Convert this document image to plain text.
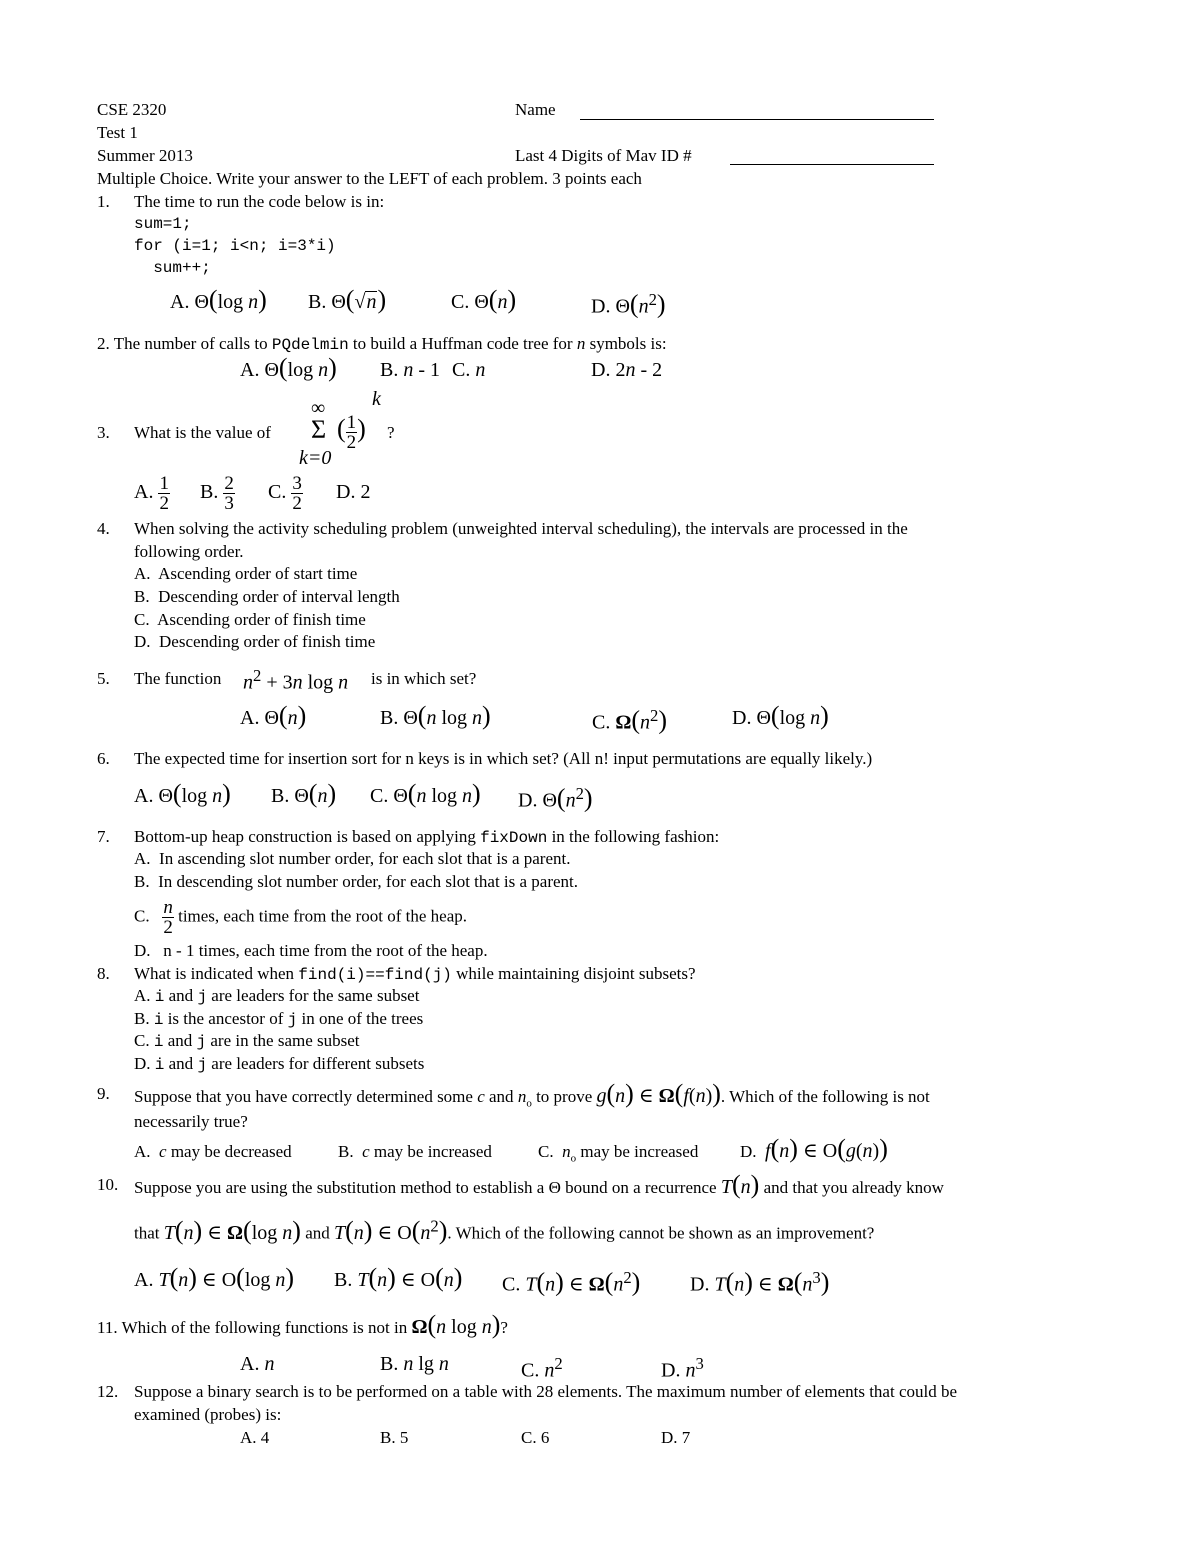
CSE 2320
Test 1
Summer 2013
Name
Last 4 Digits of Mav ID #
Multiple Choice. Write your answer to the LEFT of each problem. 3 points each
1. The time to run the code below is in:
sum=1;
for (i=1; i<n; i=3*i)
sum++;
A. Θ(log n) B. Θ(√n)	C. Θ(n)	D. $\Theta(n^2)$
2. The number of calls to PQdelmin to build a Huffman code tree for n symbols is:
A. Θ(log n) B. n - 1 C. n	D. 2n - 2
3. What is the value of
∞
Σ
k=0
( $\frac{1}{2}$ )
k
?
A. $\frac{1}{2} B$. $\frac{2}{3} C$. $\frac{3}{2} D$. 2
4. When solving the activity scheduling problem (unweighted interval scheduling), the intervals are processed in the
following order.
A.  Ascending order of start time
B.  Descending order of interval length
C.  Ascending order of finish time
D.  Descending order of finish time
5. The function $n^2 + 3n$ log n is in which set?
A. Θ(n)	B. Θ(n log n)	C. $\Omega(n^2)$	D. Θ(log n)
6. The expected time for insertion sort for n keys is in which set? (All n! input permutations are equally likely.)
A. Θ(log n) B. Θ(n) C. Θ(n log n) D. $\Theta(n^2)$
7. Bottom-up heap construction is based on applying fixDown in the following fashion:
A.  In ascending slot number order, for each slot that is a parent.
B.  In descending slot number order, for each slot that is a parent.
C. $\frac{n}{2}$ times, each time from the root of the heap.
D. n - 1 times, each time from the root of the heap.
8. What is indicated when find(i)==find(j) while maintaining disjoint subsets?
A. i and j are leaders for the same subset
B. i is the ancestor of j in one of the trees
C. i and j are in the same subset
D. i and j are leaders for different subsets
9. Suppose that you have correctly determined some c and $n_o$ to prove g(n) ∈ Ω(f(n)). Which of the following is not
necessarily true?
A.  c may be decreased	B.  c may be increased	C.  $n_o$ may be increased D.  f(n) ∈ O(g(n))
10. Suppose you are using the substitution method to establish a Θ bound on a recurrence T(n) and that you already know
that T(n) ∈ Ω(log n) and T(n) ∈ $O(n^2)$. Which of the following cannot be shown as an improvement?
A. T(n) ∈ O(log n) B. T(n) ∈ O(n) C. T(n) ∈ $\Omega(n^2)$ D. T(n) ∈ $\Omega(n^3)$
11. Which of the following functions is not in Ω(n log n)?
A. n	B. n lg n	C. $n^2$	D. $n^3$
12. Suppose a binary search is to be performed on a table with 28 elements. The maximum number of elements that could be
examined (probes) is:
A. 4	B. 5	C. 6	D. 7
